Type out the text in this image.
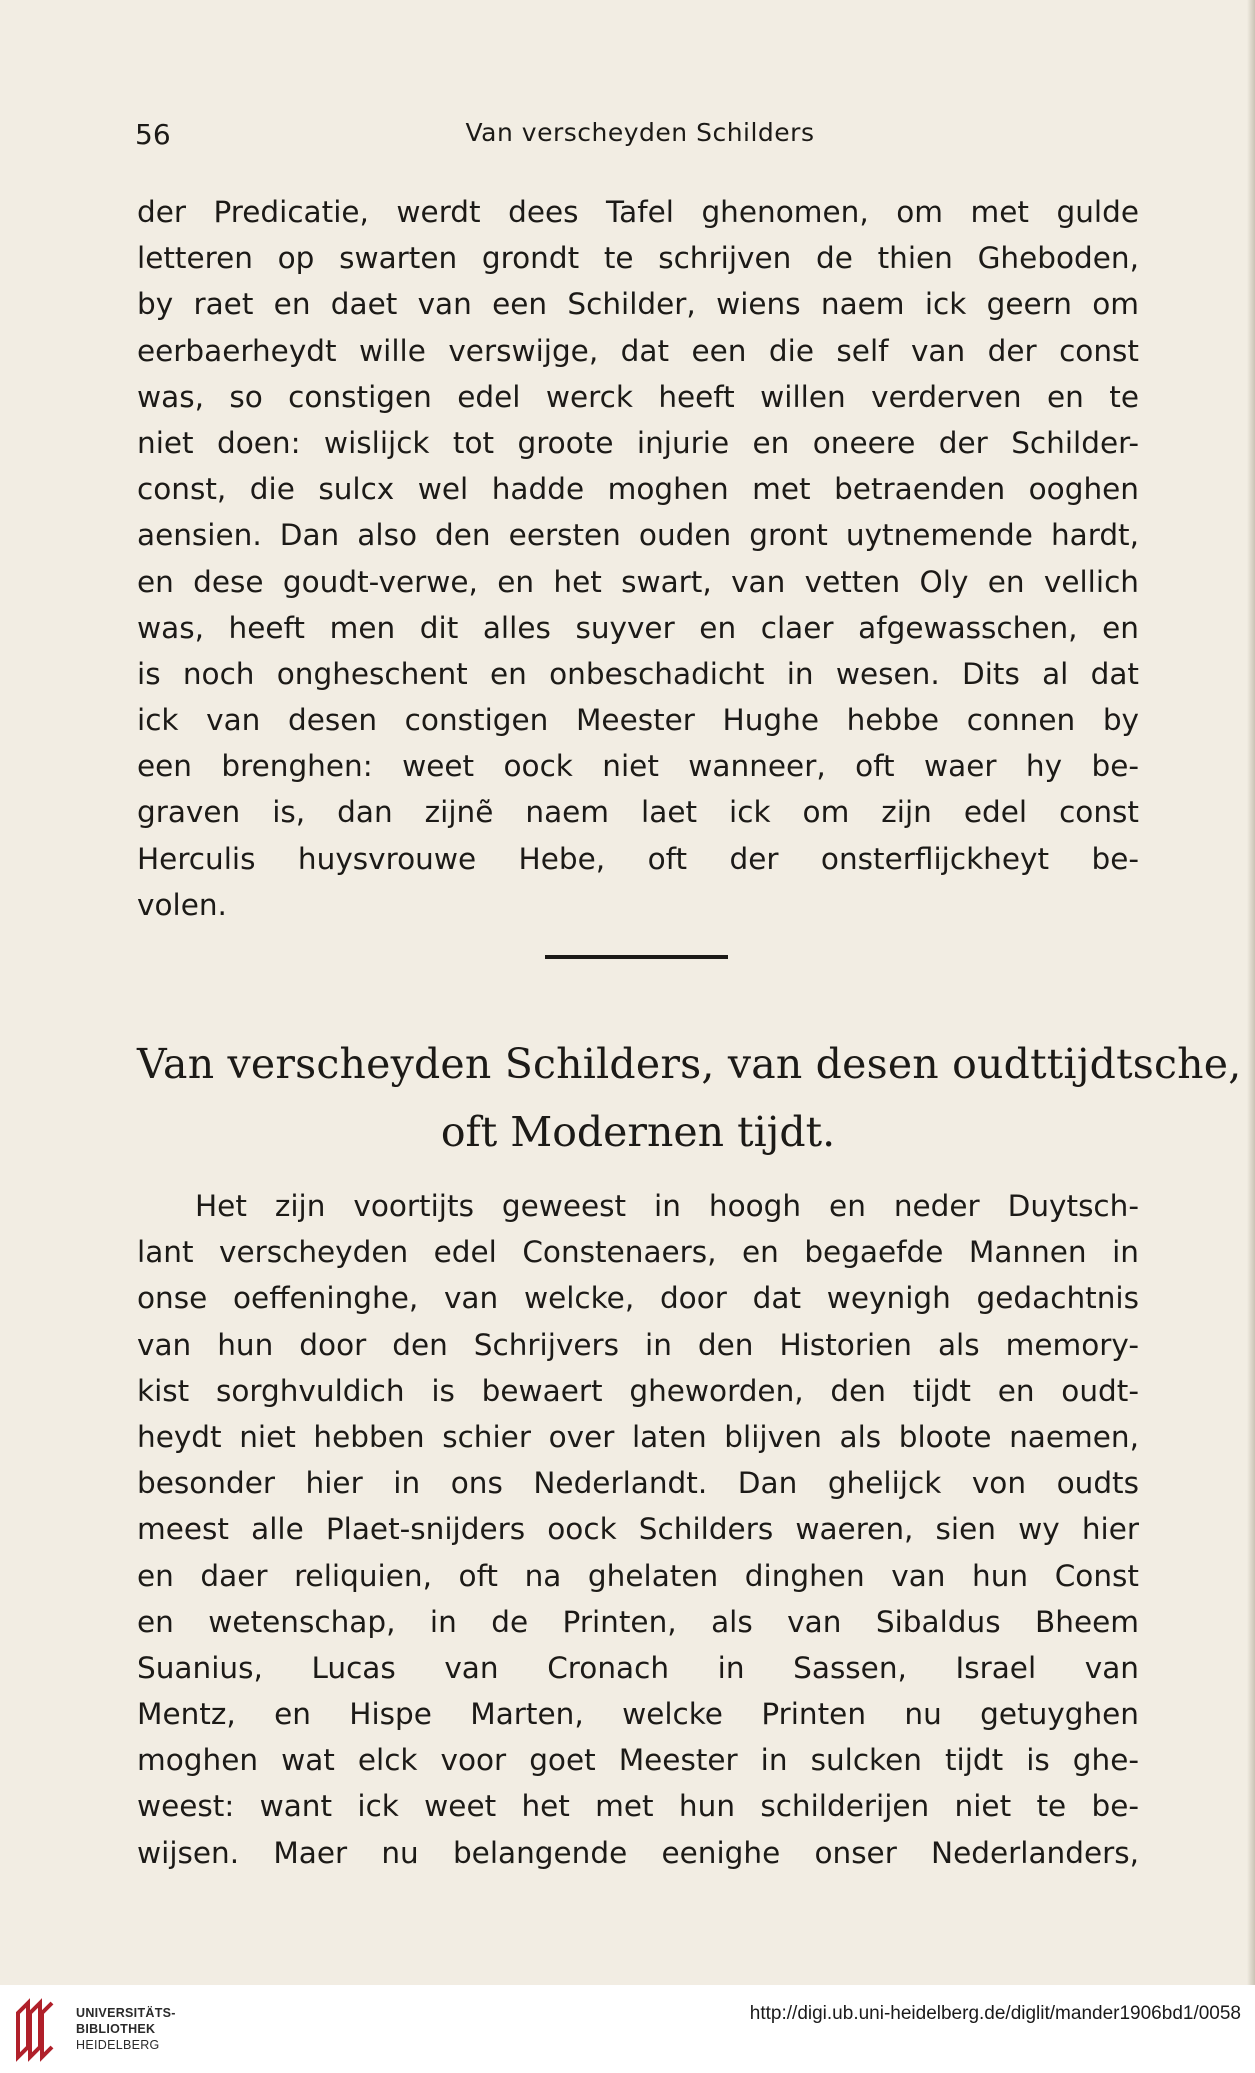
56	Van verscheyden Schilders
der Predicatie, werdt dees Tafel ghenomen, om met gulde
letteren op swarten grondt te schrijven de thien Gheboden,
by raet en daet van een Schilder, wiens naem ick geern om
eerbaerheydt wille verswijge, dat een die self van der const
was, so constigen edel werck heeft willen verderven en te
niet doen: wislijck tot groote injurie en oneere der Schilder-
const, die sulcx wel hadde moghen met betraenden ooghen
aensien. Dan also den eersten ouden gront uytnemende hardt,
en dese goudt-verwe, en het swart, van vetten Oly en vellich
was, heeft men dit alles suyver en claer afgewasschen, en
is noch ongheschent en onbeschadicht in wesen. Dits al dat
ick van desen constigen Meester Hughe hebbe connen by
een brenghen: weet oock niet wanneer, oft waer hy be-
graven is, dan zijnẽ naem laet ick om zijn edel const
Herculis huysvrouwe Hebe, oft der onsterflijckheyt be-
volen.
Van verscheyden Schilders, van desen oudttijdtsche,
oft Modernen tijdt.
Het zijn voortijts geweest in hoogh en neder Duytsch-
lant verscheyden edel Constenaers, en begaefde Mannen in
onse oeffeninghe, van welcke, door dat weynigh gedachtnis
van hun door den Schrijvers in den Historien als memory-
kist sorghvuldich is bewaert gheworden, den tijdt en oudt-
heydt niet hebben schier over laten blijven als bloote naemen,
besonder hier in ons Nederlandt. Dan ghelijck von oudts
meest alle Plaet-snijders oock Schilders waeren, sien wy hier
en daer reliquien, oft na ghelaten dinghen van hun Const
en wetenschap, in de Printen, als van Sibaldus Bheem
Suanius, Lucas van Cronach in Sassen, Israel van
Mentz, en Hispe Marten, welcke Printen nu getuyghen
moghen wat elck voor goet Meester in sulcken tijdt is ghe-
weest: want ick weet het met hun schilderijen niet te be-
wijsen. Maer nu belangende eenighe onser Nederlanders,
UNIVERSITÄTS-
BIBLIOTHEK
HEIDELBERG
http://digi.ub.uni-heidelberg.de/diglit/mander1906bd1/0058
